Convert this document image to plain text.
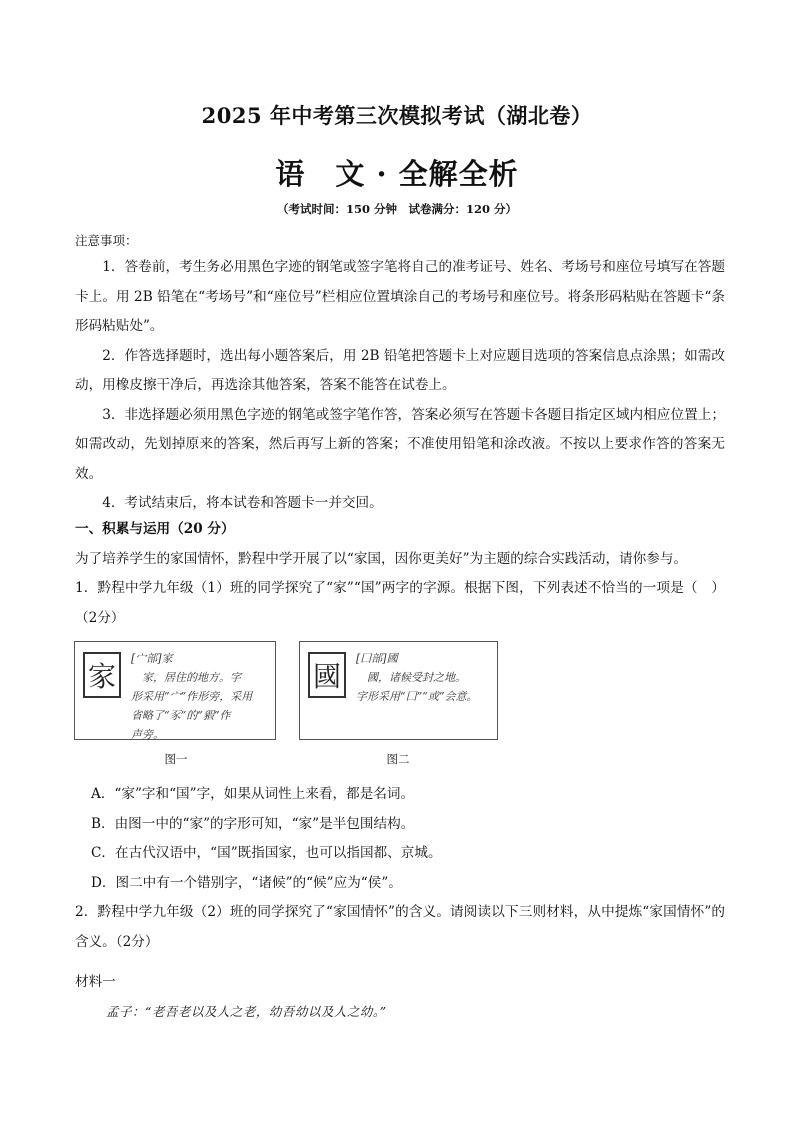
2025 年中考第三次模拟考试（湖北卷）
语　文 · 全解全析
（考试时间：150 分钟　试卷满分：120 分）
注意事项：

1．答卷前，考生务必用黑色字迹的钢笔或签字笔将自己的准考证号、姓名、考场号和座位号填写在答题卡上。用 2B 铅笔在“考场号”和“座位号”栏相应位置填涂自己的考场号和座位号。将条形码粘贴在答题卡“条形码粘贴处”。

2．作答选择题时，选出每小题答案后，用 2B 铅笔把答题卡上对应题目选项的答案信息点涂黑；如需改动，用橡皮擦干净后，再选涂其他答案，答案不能答在试卷上。

3．非选择题必须用黑色字迹的钢笔或签字笔作答，答案必须写在答题卡各题目指定区域内相应位置上；如需改动，先划掉原来的答案，然后再写上新的答案；不准使用铅笔和涂改液。不按以上要求作答的答案无效。

4．考试结束后，将本试卷和答题卡一并交回。

一、积累与运用（20 分）

为了培养学生的家国情怀，黔程中学开展了以“家国，因你更美好”为主题的综合实践活动，请你参与。

1．黔程中学九年级（1）班的同学探究了“家”“国”两字的字源。根据下图，下列表述不恰当的一项是（　）（2分）

家
[宀部]家
　家，居住的地方。字
形采用“宀”作形旁，采用
省略了“豕”的“豭”作
声旁。
國
[囗部]國
　國，诸候受封之地。
字形采用“囗”“或”会意。
图一	图二

A．“家”字和“国”字，如果从词性上来看，都是名词。

B．由图一中的“家”的字形可知，“家”是半包围结构。

C．在古代汉语中，“国”既指国家，也可以指国都、京城。

D．图二中有一个错别字，“诸候”的“候”应为“侯”。

2．黔程中学九年级（2）班的同学探究了“家国情怀”的含义。请阅读以下三则材料，从中提炼“家国情怀”的含义。（2分）

材料一
孟子：“老吾老以及人之老，幼吾幼以及人之幼。”
